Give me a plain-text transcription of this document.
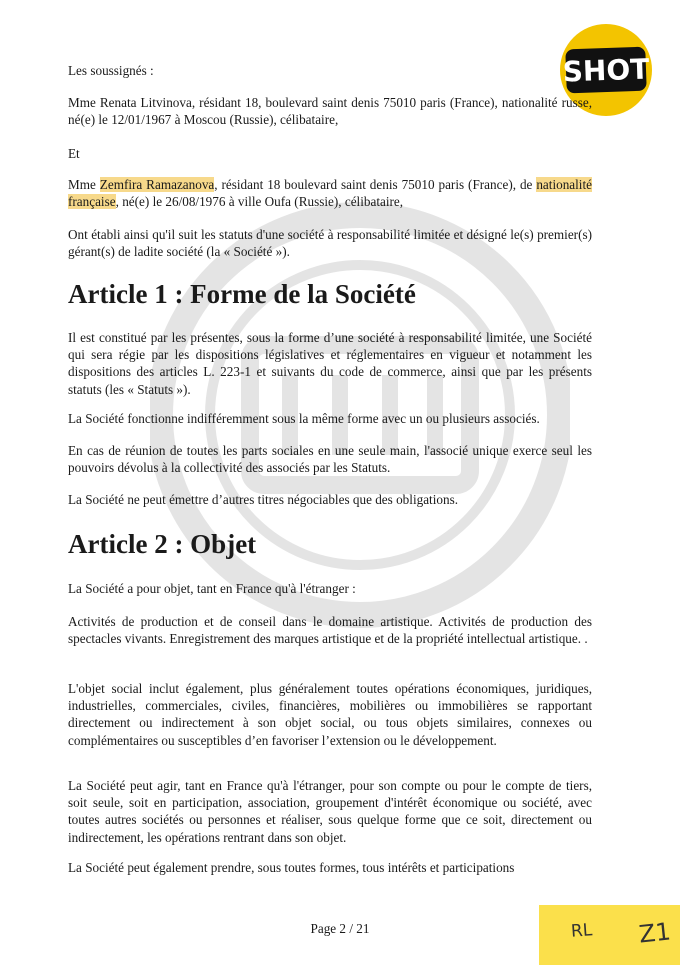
SHOT

Les soussignés :

Mme Renata Litvinova, résidant 18, boulevard saint denis 75010 paris (France), nationalité russe, né(e) le 12/01/1967 à Moscou (Russie), célibataire,

Et

Mme Zemfira Ramazanova, résidant 18 boulevard saint denis 75010 paris (France), de nationalité française, né(e) le 26/08/1976 à ville Oufa (Russie), célibataire,

Ont établi ainsi qu'il suit les statuts d'une société à responsabilité limitée et désigné le(s) premier(s) gérant(s) de ladite société (la « Société »).

Article 1 : Forme de la Société

Il est constitué par les présentes, sous la forme d’une société à responsabilité limitée, une Société qui sera régie par les dispositions législatives et réglementaires en vigueur et notamment les dispositions des articles L. 223-1 et suivants du code de commerce, ainsi que par les présents statuts (les « Statuts »).

La Société fonctionne indifféremment sous la même forme avec un ou plusieurs associés.

En cas de réunion de toutes les parts sociales en une seule main, l'associé unique exerce seul les pouvoirs dévolus à la collectivité des associés par les Statuts.

La Société ne peut émettre d’autres titres négociables que des obligations.

Article 2 : Objet

La Société a pour objet, tant en France qu'à l'étranger :

Activités de production et de conseil dans le domaine artistique. Activités de production des spectacles vivants. Enregistrement des marques artistique et de la propriété intellectual artistique. .

L'objet social inclut également, plus généralement toutes opérations économiques, juridiques, industrielles, commerciales, civiles, financières, mobilières ou immobilières se rapportant directement ou indirectement à son objet social, ou tous objets similaires, connexes ou complémentaires ou susceptibles d’en favoriser l’extension ou le développement.

La Société peut agir, tant en France qu'à l'étranger, pour son compte ou pour le compte de tiers, soit seule, soit en participation, association, groupement d'intérêt économique ou société, avec toutes autres sociétés ou personnes et réaliser, sous quelque forme que ce soit, directement ou indirectement, les opérations rentrant dans son objet.

La Société peut également prendre, sous toutes formes, tous intérêts et participations

Page 2 / 21	RL Z1
